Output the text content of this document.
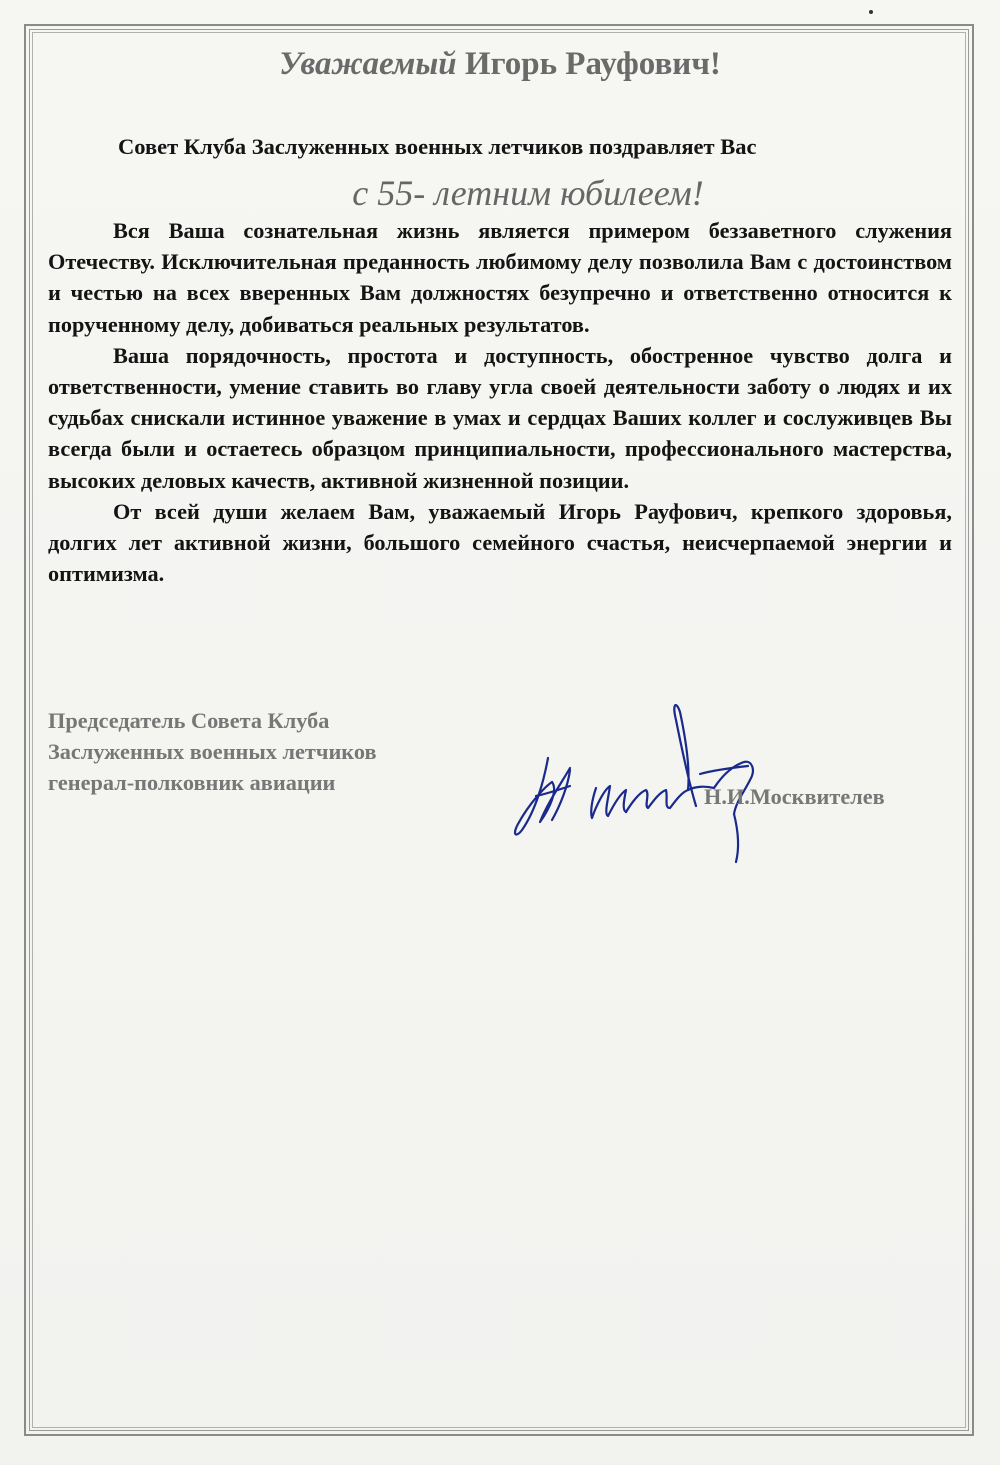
Уважаемый Игорь Рауфович!
Совет Клуба Заслуженных военных летчиков поздравляет Вас
с 55- летним юбилеем!

Вся Ваша сознательная жизнь является примером беззаветного служения Отечеству. Исключительная преданность любимому делу позволила Вам с достоинством и честью на всех вверенных Вам должностях безупречно и ответственно относится к порученному делу, добиваться реальных результатов.

Ваша порядочность, простота и доступность, обостренное чувство долга и ответственности, умение ставить во главу угла своей деятельности заботу о людях и их судьбах снискали истинное уважение в умах и сердцах Ваших коллег и сослуживцев Вы всегда были и остаетесь образцом принципиальности, профессионального мастерства, высоких деловых качеств, активной жизненной позиции.

От всей души желаем Вам, уважаемый Игорь Рауфович, крепкого здоровья, долгих лет активной жизни, большого семейного счастья, неисчерпаемой энергии и оптимизма.

Председатель Совета Клуба
Заслуженных военных летчиков
генерал-полковник авиации
Н.И.Москвителев
